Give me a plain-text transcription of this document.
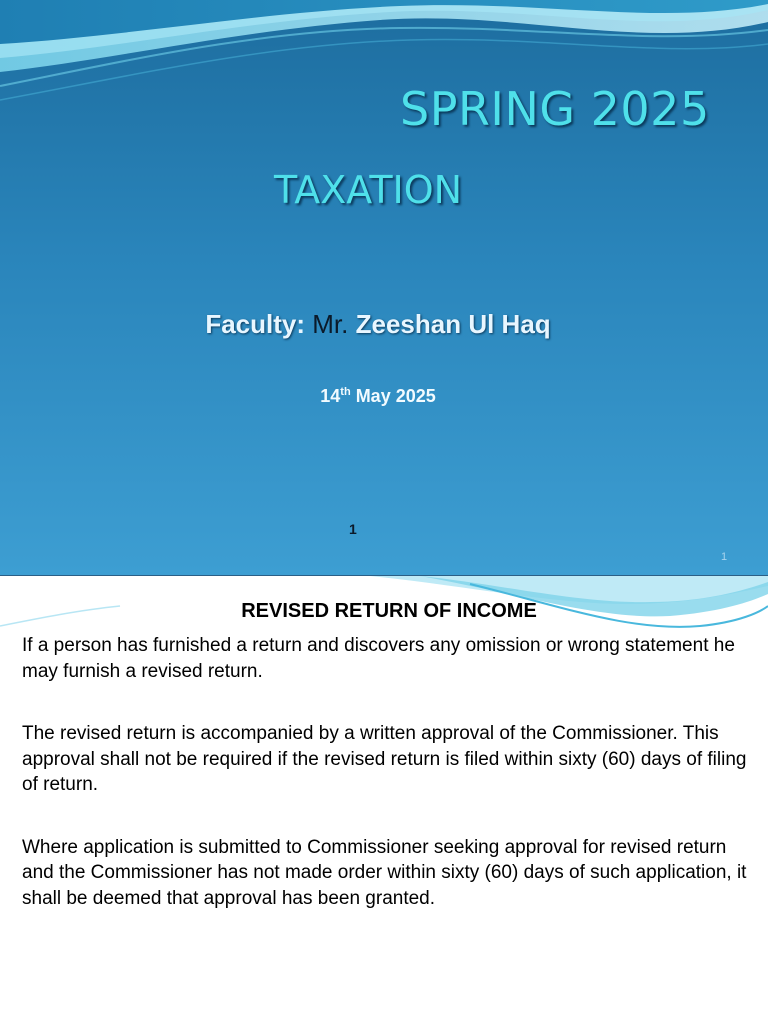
SPRING 2025
TAXATION
Faculty: Mr. Zeeshan Ul Haq
14th May 2025
1
1
REVISED RETURN OF INCOME

If a person has furnished a return and discovers any omission or wrong statement he may furnish a revised return.

The revised return is accompanied by a written approval of the Commissioner. This approval shall not be required if the revised return is filed within sixty (60) days of filing of return.

Where application is submitted to Commissioner seeking approval for revised return and the Commissioner has not made order within sixty (60) days of such application, it shall be deemed that approval has been granted.
